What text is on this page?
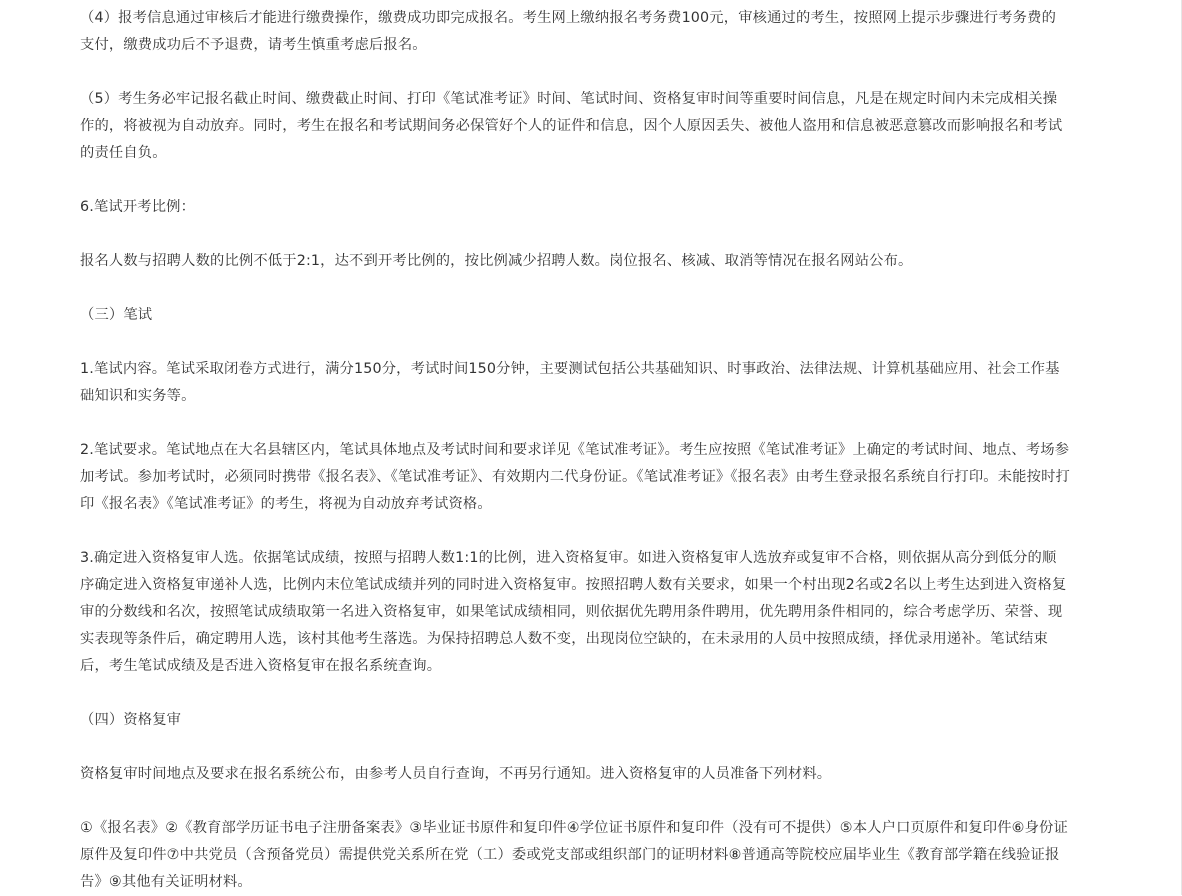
（4）报考信息通过审核后才能进行缴费操作，缴费成功即完成报名。考生网上缴纳报名考务费100元，审核通过的考生，按照网上提示步骤进行考务费的支付，缴费成功后不予退费，请考生慎重考虑后报名。

（5）考生务必牢记报名截止时间、缴费截止时间、打印《笔试准考证》时间、笔试时间、资格复审时间等重要时间信息，凡是在规定时间内未完成相关操作的，将被视为自动放弃。同时，考生在报名和考试期间务必保管好个人的证件和信息，因个人原因丢失、被他人盗用和信息被恶意篡改而影响报名和考试的责任自负。

6.笔试开考比例：

报名人数与招聘人数的比例不低于2:1，达不到开考比例的，按比例减少招聘人数。岗位报名、核减、取消等情况在报名网站公布。

（三）笔试

1.笔试内容。笔试采取闭卷方式进行，满分150分，考试时间150分钟，主要测试包括公共基础知识、时事政治、法律法规、计算机基础应用、社会工作基础知识和实务等。

2.笔试要求。笔试地点在大名县辖区内，笔试具体地点及考试时间和要求详见《笔试准考证》。考生应按照《笔试准考证》上确定的考试时间、地点、考场参加考试。参加考试时，必须同时携带《报名表》、《笔试准考证》、有效期内二代身份证。《笔试准考证》《报名表》由考生登录报名系统自行打印。未能按时打印《报名表》《笔试准考证》的考生，将视为自动放弃考试资格。

3.确定进入资格复审人选。依据笔试成绩，按照与招聘人数1:1的比例，进入资格复审。如进入资格复审人选放弃或复审不合格，则依据从高分到低分的顺序确定进入资格复审递补人选，比例内末位笔试成绩并列的同时进入资格复审。按照招聘人数有关要求，如果一个村出现2名或2名以上考生达到进入资格复审的分数线和名次，按照笔试成绩取第一名进入资格复审，如果笔试成绩相同，则依据优先聘用条件聘用，优先聘用条件相同的，综合考虑学历、荣誉、现实表现等条件后，确定聘用人选，该村其他考生落选。为保持招聘总人数不变，出现岗位空缺的，在未录用的人员中按照成绩，择优录用递补。笔试结束后，考生笔试成绩及是否进入资格复审在报名系统查询。

（四）资格复审

资格复审时间地点及要求在报名系统公布，由参考人员自行查询，不再另行通知。进入资格复审的人员准备下列材料。

①《报名表》②《教育部学历证书电子注册备案表》③毕业证书原件和复印件④学位证书原件和复印件（没有可不提供）⑤本人户口页原件和复印件⑥身份证原件及复印件⑦中共党员（含预备党员）需提供党关系所在党（工）委或党支部或组织部门的证明材料⑧普通高等院校应届毕业生《教育部学籍在线验证报告》⑨其他有关证明材料。
